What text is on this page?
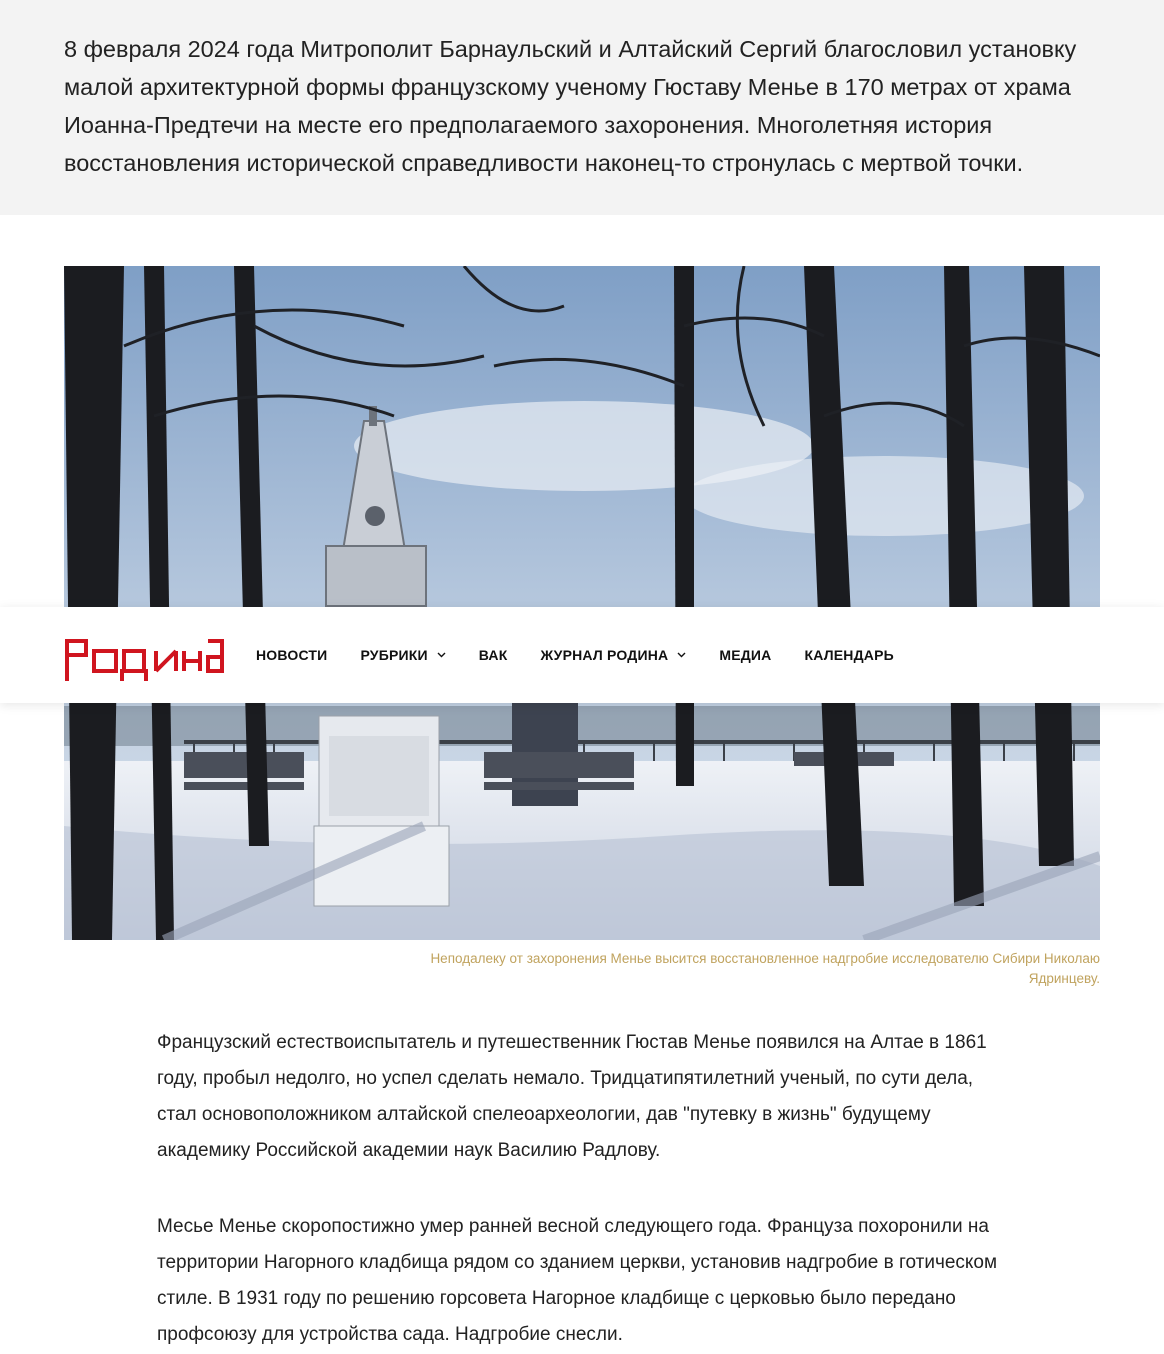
8 февраля 2024 года Митрополит Барнаульский и Алтайский Сергий благословил установку малой архитектурной формы французскому ученому Гюставу Менье в 170 метрах от храма Иоанна-Предтечи на месте его предполагаемого захоронения. Многолетняя история восстановления исторической справедливости наконец-то стронулась с мертвой точки.

Неподалеку от захоронения Менье высится восстановленное надгробие исследователю Сибири Николаю Ядринцеву.

НОВОСТИ РУБРИКИ	ВАК ЖУРНАЛ РОДИНА	МЕДИА КАЛЕНДАРЬ

Французский естествоиспытатель и путешественник Гюстав Менье появился на Алтае в 1861 году, пробыл недолго, но успел сделать немало. Тридцатипятилетний ученый, по сути дела, стал основоположником алтайской спелеоархеологии, дав "путевку в жизнь" будущему академику Российской академии наук Василию Радлову.

Месье Менье скоропостижно умер ранней весной следующего года. Француза похоронили на территории Нагорного кладбища рядом со зданием церкви, установив надгробие в готическом стиле. В 1931 году по решению горсовета Нагорное кладбище с церковью было передано профсоюзу для устройства сада. Надгробие снесли.
